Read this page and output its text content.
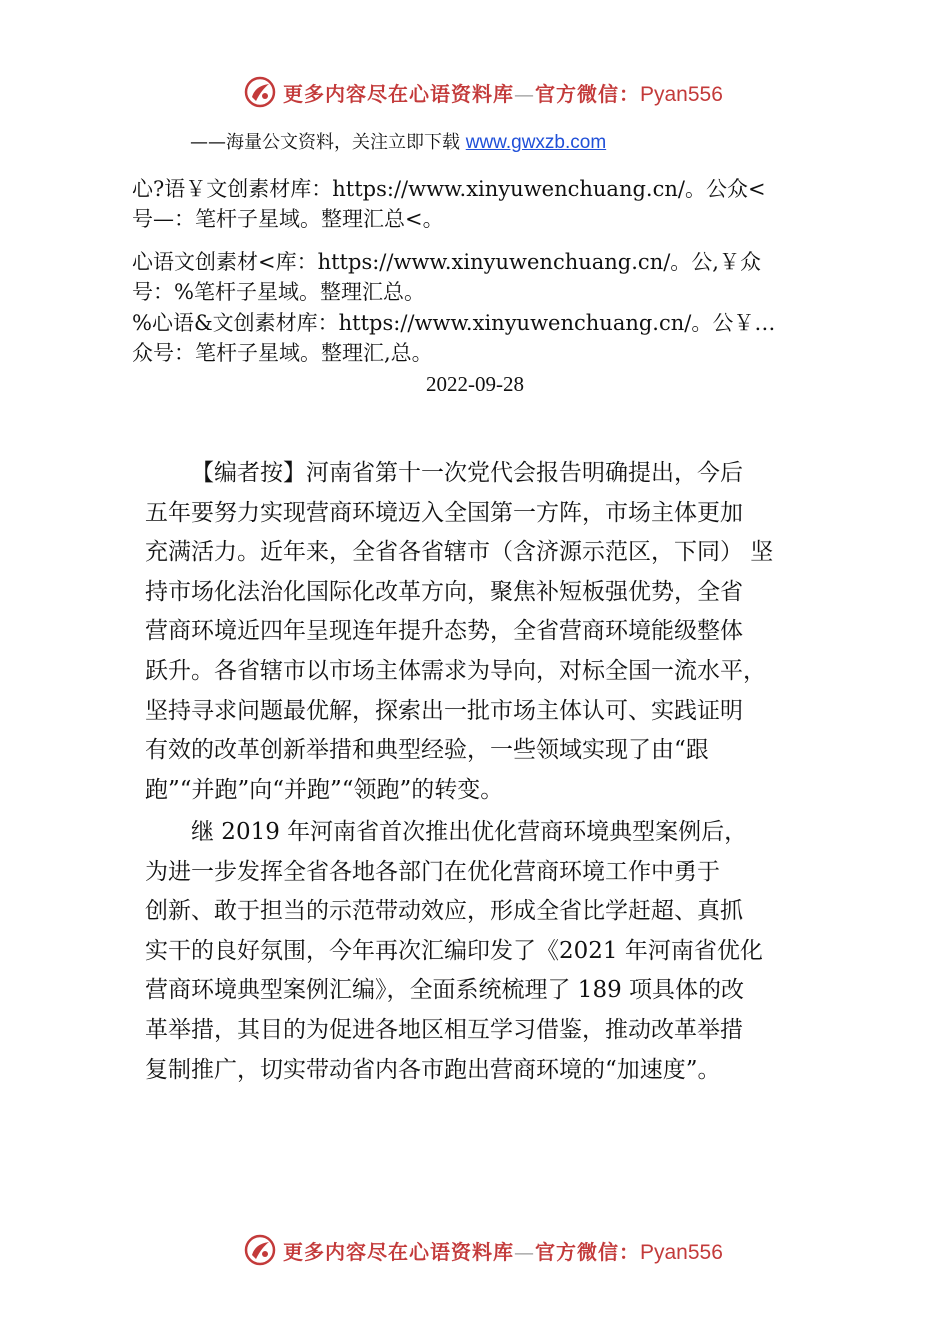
更多内容尽在心语资料库—官方微信：Pyan556
——海量公文资料，关注立即下载 www.gwxzb.com
心?语￥文创素材库：https://www.xinyuwenchuang.cn/。公众<
号—：笔杆子星域。整理汇总<。
心语文创素材<库：https://www.xinyuwenchuang.cn/。公,￥众
号：%笔杆子星域。整理汇总。
%心语&文创素材库：https://www.xinyuwenchuang.cn/。公￥…
众号：笔杆子星域。整理汇,总。
2022-09-28
【编者按】河南省第十一次党代会报告明确提出，今后
五年要努力实现营商环境迈入全国第一方阵，市场主体更加
充满活力。近年来，全省各省辖市（含济源示范区，下同） 坚
持市场化法治化国际化改革方向，聚焦补短板强优势，全省
营商环境近四年呈现连年提升态势，全省营商环境能级整体
跃升。各省辖市以市场主体需求为导向，对标全国一流水平，
坚持寻求问题最优解，探索出一批市场主体认可、实践证明
有效的改革创新举措和典型经验，一些领域实现了由“跟
跑”“并跑”向“并跑”“领跑”的转变。
继 2019 年河南省首次推出优化营商环境典型案例后，
为进一步发挥全省各地各部门在优化营商环境工作中勇于
创新、敢于担当的示范带动效应，形成全省比学赶超、真抓
实干的良好氛围，今年再次汇编印发了《2021 年河南省优化
营商环境典型案例汇编》，全面系统梳理了 189 项具体的改
革举措，其目的为促进各地区相互学习借鉴，推动改革举措
复制推广，切实带动省内各市跑出营商环境的“加速度”。
更多内容尽在心语资料库—官方微信：Pyan556
